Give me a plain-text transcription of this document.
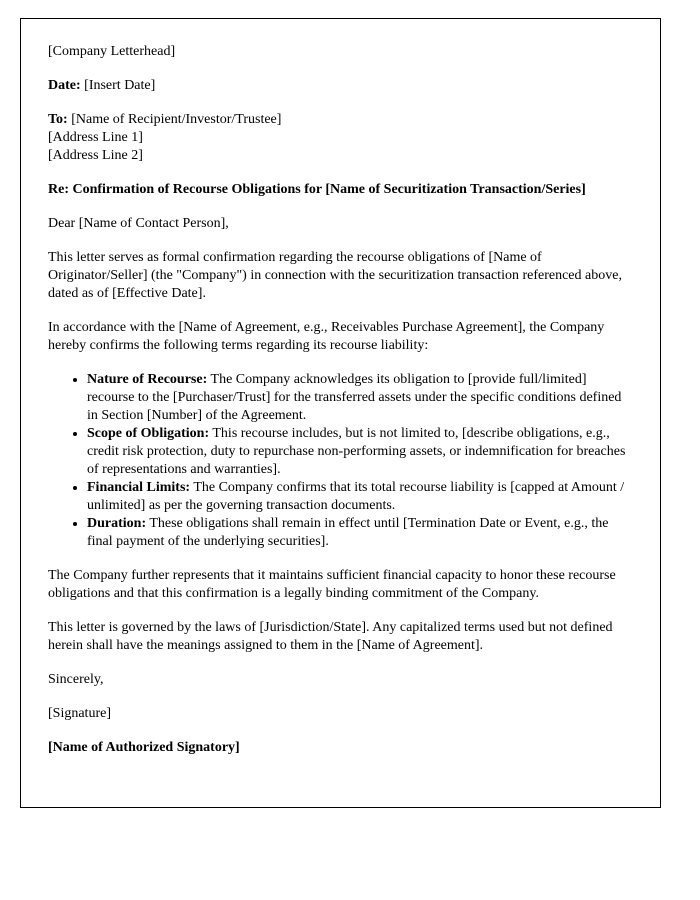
[Company Letterhead]

Date: [Insert Date]

To: [Name of Recipient/Investor/Trustee]
[Address Line 1]
[Address Line 2]

Re: Confirmation of Recourse Obligations for [Name of Securitization Transaction/Series]

Dear [Name of Contact Person],

This letter serves as formal confirmation regarding the recourse obligations of [Name of Originator/Seller] (the "Company") in connection with the securitization transaction referenced above, dated as of [Effective Date].

In accordance with the [Name of Agreement, e.g., Receivables Purchase Agreement], the Company hereby confirms the following terms regarding its recourse liability:

• Nature of Recourse: The Company acknowledges its obligation to [provide full/limited] recourse to the [Purchaser/Trust] for the transferred assets under the specific conditions defined in Section [Number] of the Agreement.
• Scope of Obligation: This recourse includes, but is not limited to, [describe obligations, e.g., credit risk protection, duty to repurchase non-performing assets, or indemnification for breaches of representations and warranties].
• Financial Limits: The Company confirms that its total recourse liability is [capped at Amount / unlimited] as per the governing transaction documents.
• Duration: These obligations shall remain in effect until [Termination Date or Event, e.g., the final payment of the underlying securities].

The Company further represents that it maintains sufficient financial capacity to honor these recourse obligations and that this confirmation is a legally binding commitment of the Company.

This letter is governed by the laws of [Jurisdiction/State]. Any capitalized terms used but not defined herein shall have the meanings assigned to them in the [Name of Agreement].

Sincerely,

[Signature]

[Name of Authorized Signatory]
